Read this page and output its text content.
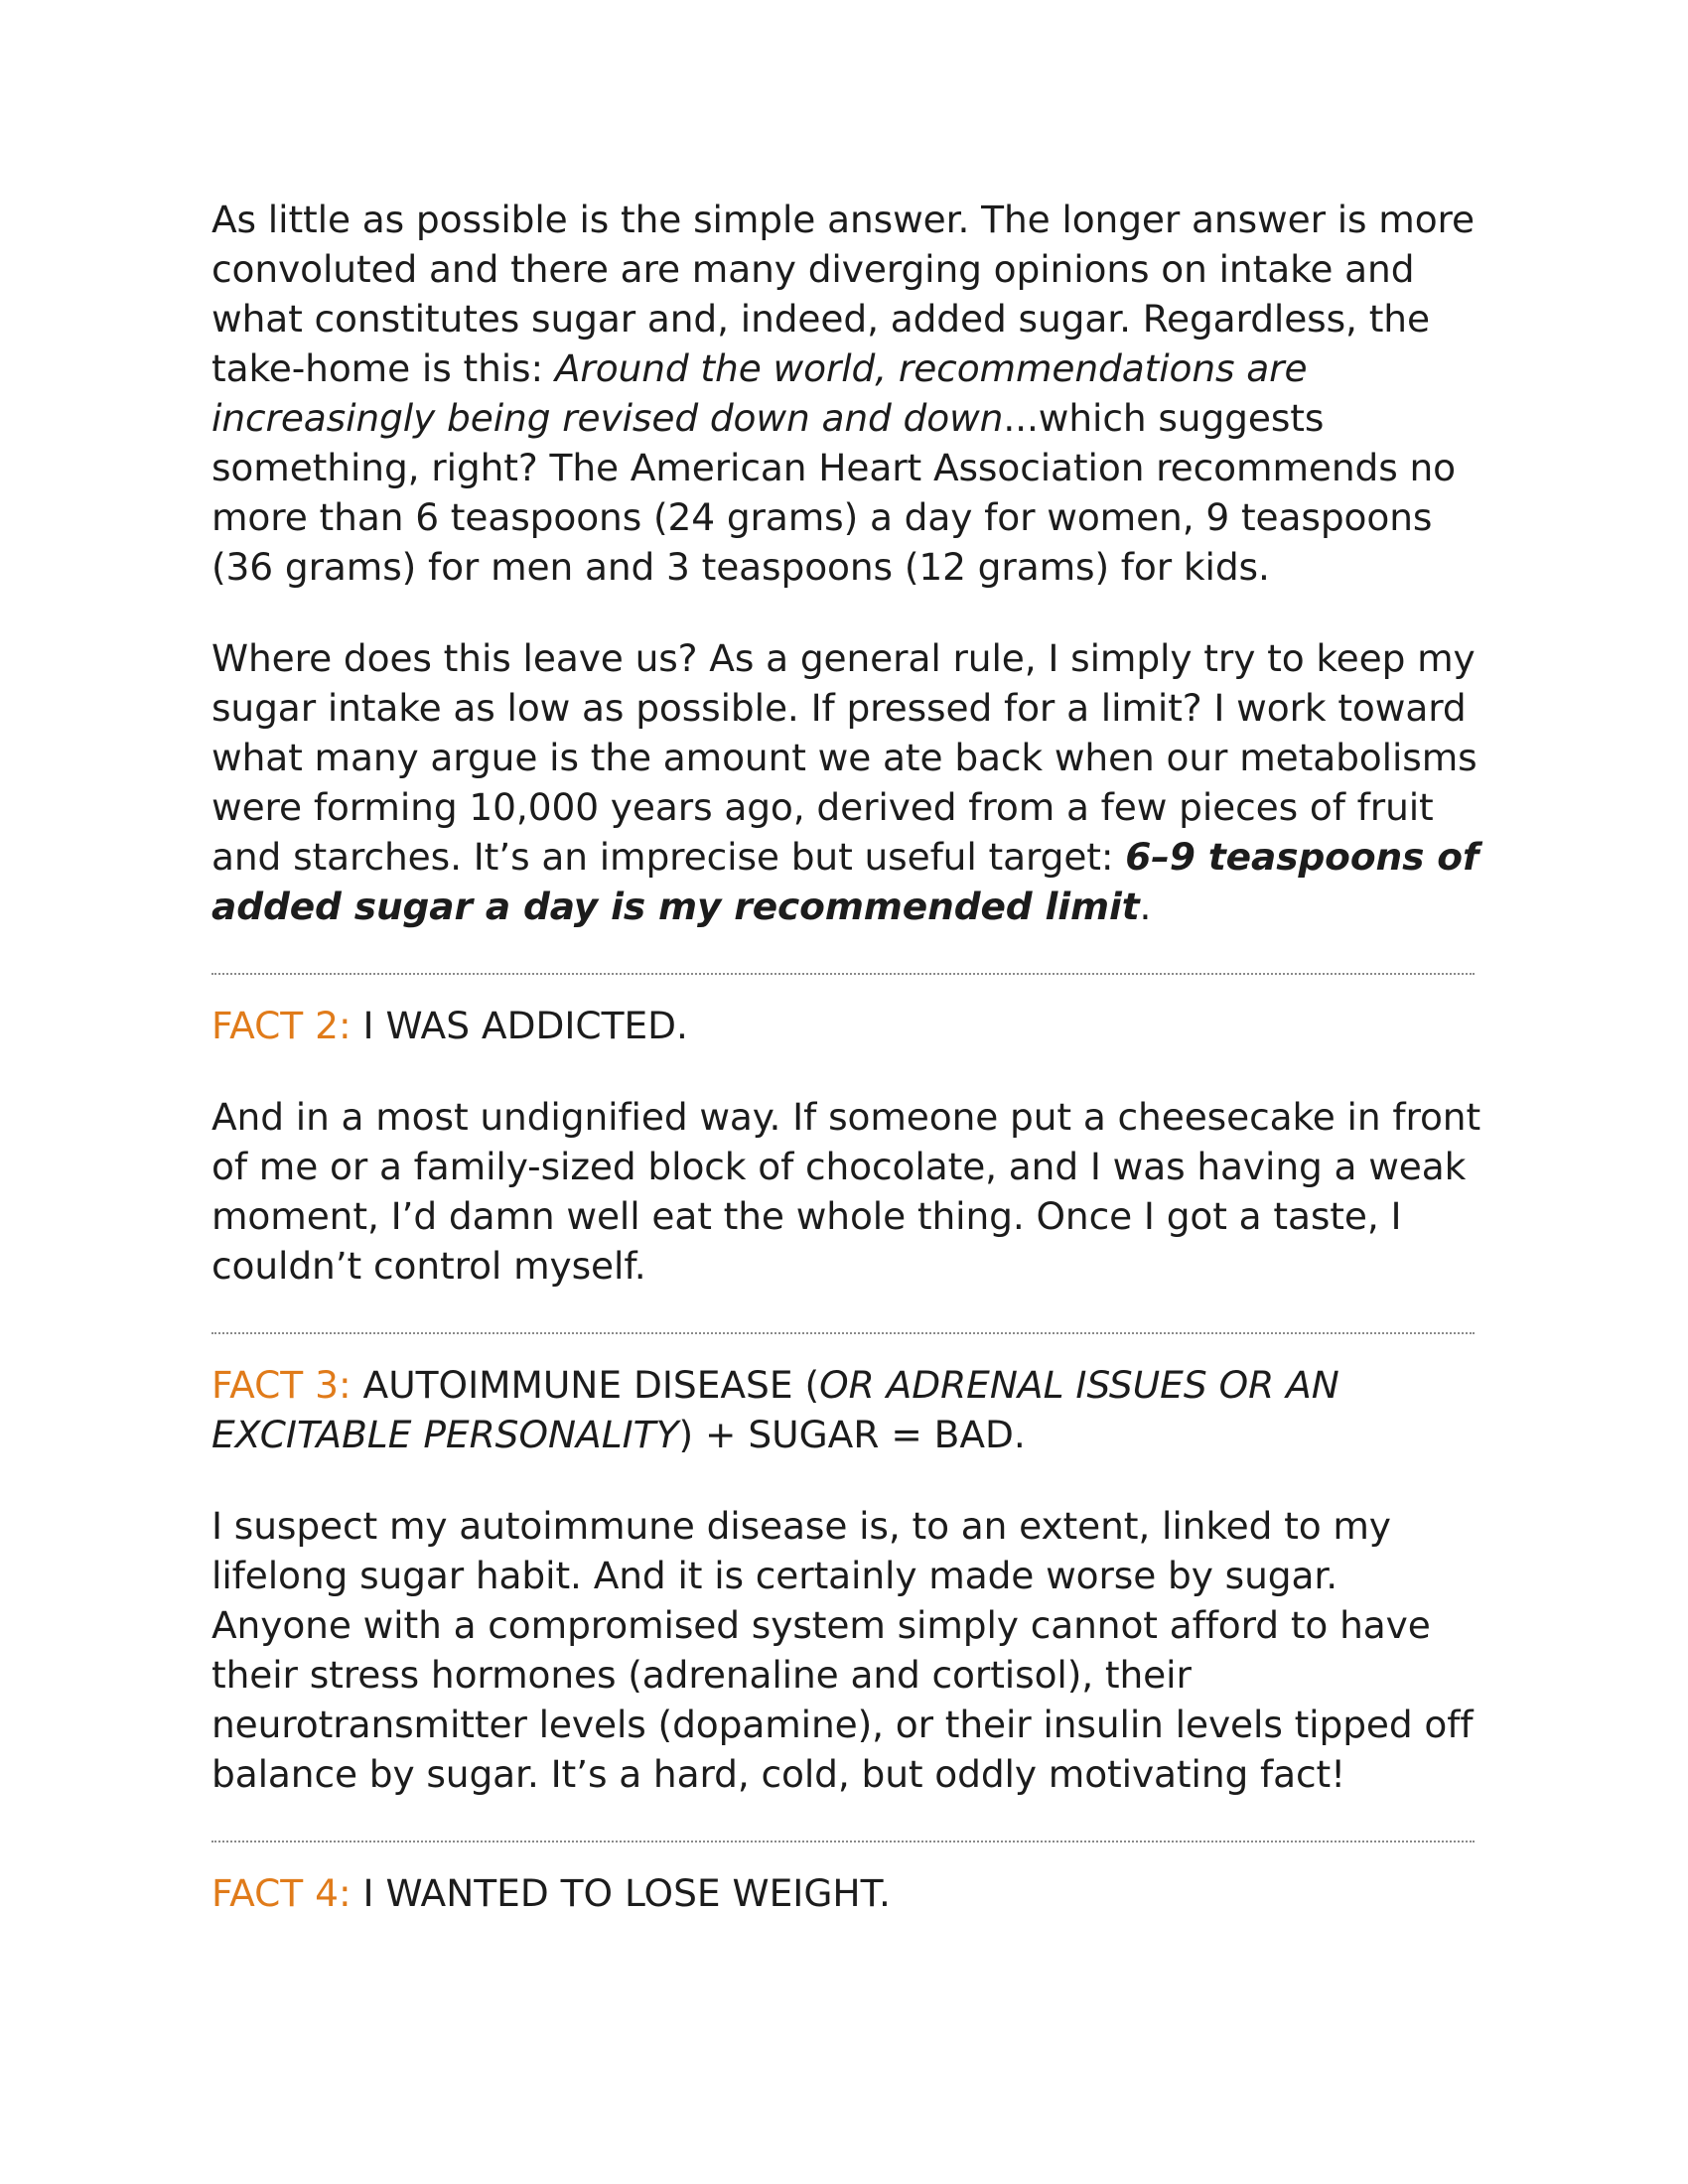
As little as possible is the simple answer. The longer answer is more convoluted and there are many diverging opinions on intake and what constitutes sugar and, indeed, added sugar. Regardless, the take-home is this: Around the world, recommendations are increasingly being revised down and down...which suggests something, right? The American Heart Association recommends no more than 6 teaspoons (24 grams) a day for women, 9 teaspoons (36 grams) for men and 3 teaspoons (12 grams) for kids.

Where does this leave us? As a general rule, I simply try to keep my sugar intake as low as possible. If pressed for a limit? I work toward what many argue is the amount we ate back when our metabolisms were forming 10,000 years ago, derived from a few pieces of fruit and starches. It’s an imprecise but useful target: 6–9 teaspoons of added sugar a day is my recommended limit.

FACT 2: I WAS ADDICTED.

And in a most undignified way. If someone put a cheesecake in front of me or a family-sized block of chocolate, and I was having a weak moment, I’d damn well eat the whole thing. Once I got a taste, I couldn’t control myself.

FACT 3: AUTOIMMUNE DISEASE (OR ADRENAL ISSUES OR AN EXCITABLE PERSONALITY) + SUGAR = BAD.

I suspect my autoimmune disease is, to an extent, linked to my lifelong sugar habit. And it is certainly made worse by sugar. Anyone with a compromised system simply cannot afford to have their stress hormones (adrenaline and cortisol), their neurotransmitter levels (dopamine), or their insulin levels tipped off balance by sugar. It’s a hard, cold, but oddly motivating fact!

FACT 4: I WANTED TO LOSE WEIGHT.
